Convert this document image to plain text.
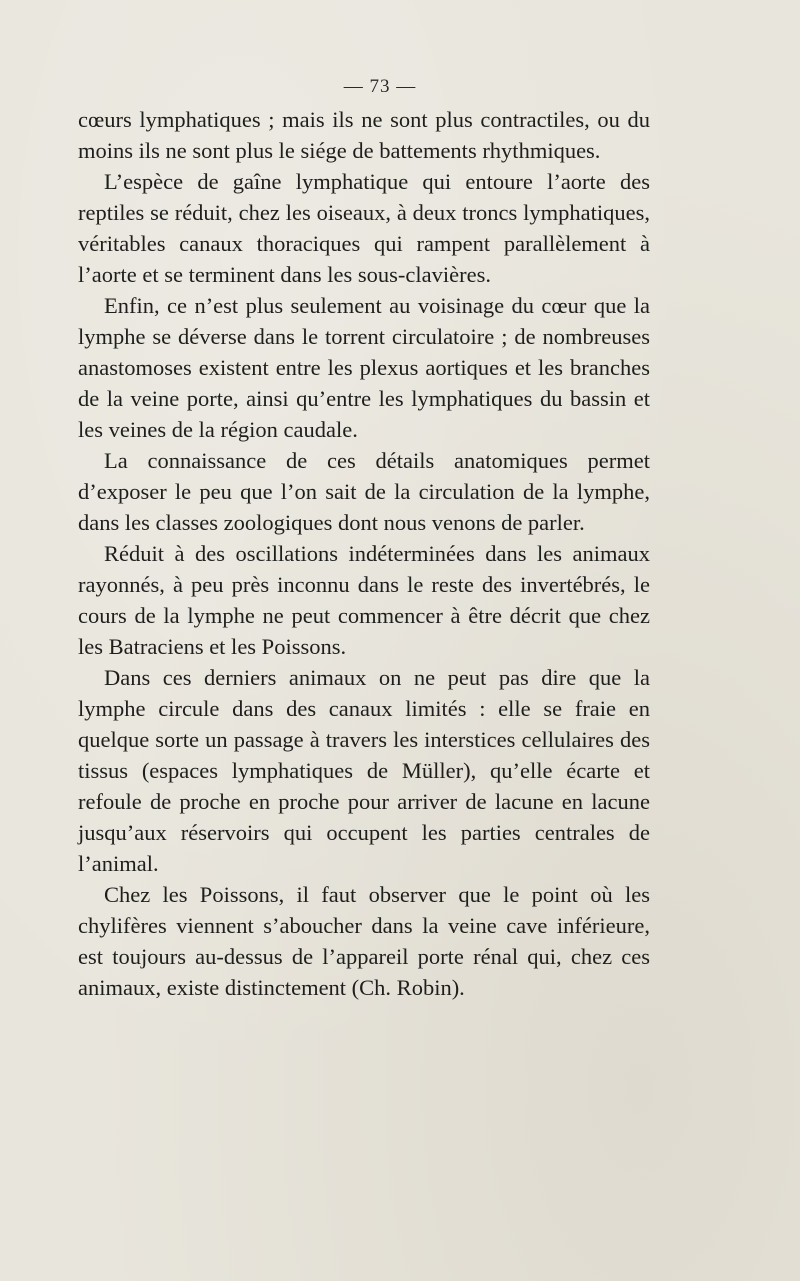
— 73 —

cœurs lymphatiques ; mais ils ne sont plus contractiles, ou du moins ils ne sont plus le siége de battements rhythmiques.

L’espèce de gaîne lymphatique qui entoure l’aorte des reptiles se réduit, chez les oiseaux, à deux troncs lymphatiques, véritables canaux thoraciques qui rampent parallèlement à l’aorte et se terminent dans les sous-clavières.

Enfin, ce n’est plus seulement au voisinage du cœur que la lymphe se déverse dans le torrent circulatoire ; de nombreuses anastomoses existent entre les plexus aortiques et les branches de la veine porte, ainsi qu’entre les lymphatiques du bassin et les veines de la région caudale.

La connaissance de ces détails anatomiques permet d’exposer le peu que l’on sait de la circulation de la lymphe, dans les classes zoologiques dont nous venons de parler.

Réduit à des oscillations indéterminées dans les animaux rayonnés, à peu près inconnu dans le reste des invertébrés, le cours de la lymphe ne peut commencer à être décrit que chez les Batraciens et les Poissons.

Dans ces derniers animaux on ne peut pas dire que la lymphe circule dans des canaux limités : elle se fraie en quelque sorte un passage à travers les interstices cellulaires des tissus (espaces lymphatiques de Müller), qu’elle écarte et refoule de proche en proche pour arriver de lacune en lacune jusqu’aux réservoirs qui occupent les parties centrales de l’animal.

Chez les Poissons, il faut observer que le point où les chylifères viennent s’aboucher dans la veine cave inférieure, est toujours au-dessus de l’appareil porte rénal qui, chez ces animaux, existe distinctement (Ch. Robin).
